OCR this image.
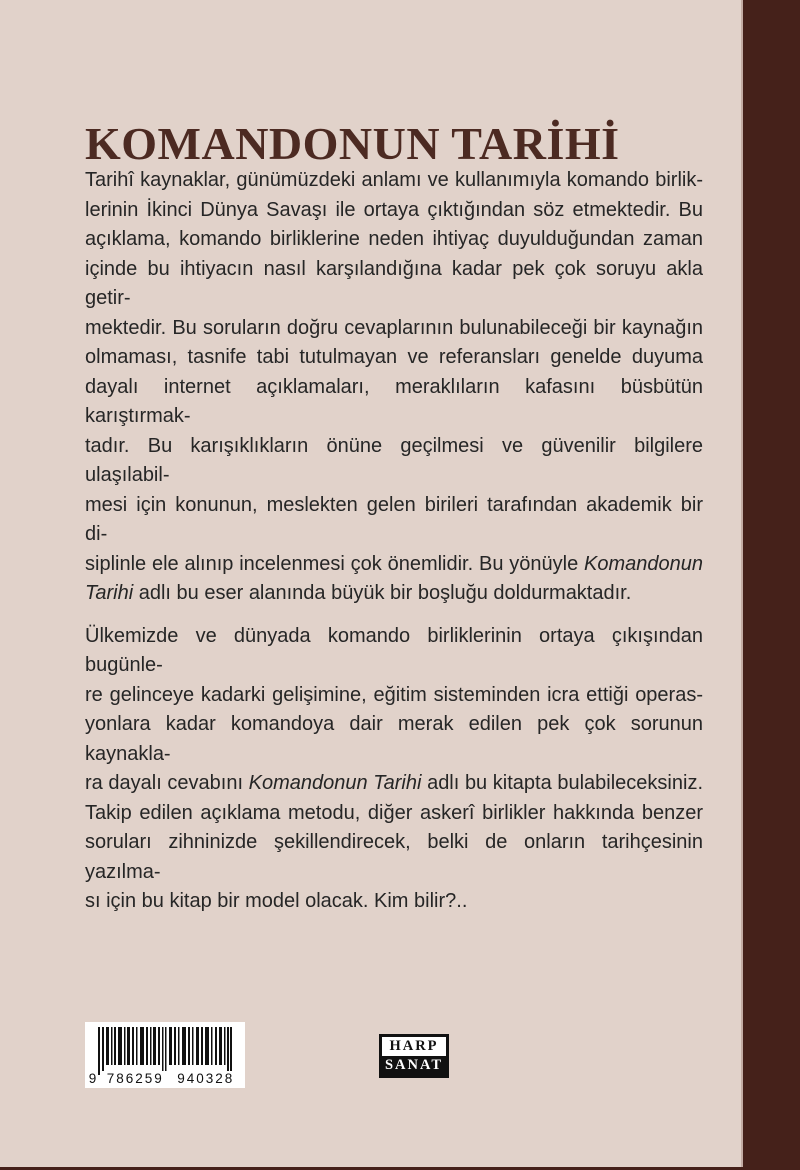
KOMANDONUN TARİHİ
Tarihî kaynaklar, günümüzdeki anlamı ve kullanımıyla komando birlik-
lerinin İkinci Dünya Savaşı ile ortaya çıktığından söz etmektedir. Bu
açıklama, komando birliklerine neden ihtiyaç duyulduğundan zaman
içinde bu ihtiyacın nasıl karşılandığına kadar pek çok soruyu akla getir-
mektedir. Bu soruların doğru cevaplarının bulunabileceği bir kaynağın
olmaması, tasnife tabi tutulmayan ve referansları genelde duyuma
dayalı internet açıklamaları, meraklıların kafasını büsbütün karıştırmak-
tadır. Bu karışıklıkların önüne geçilmesi ve güvenilir bilgilere ulaşılabil-
mesi için konunun, meslekten gelen birileri tarafından akademik bir di-
siplinle ele alınıp incelenmesi çok önemlidir. Bu yönüyle Komandonun
Tarihi adlı bu eser alanında büyük bir boşluğu doldurmaktadır.
Ülkemizde ve dünyada komando birliklerinin ortaya çıkışından bugünle-
re gelinceye kadarki gelişimine, eğitim sisteminden icra ettiği operas-
yonlara kadar komandoya dair merak edilen pek çok sorunun kaynakla-
ra dayalı cevabını Komandonun Tarihi adlı bu kitapta bulabileceksiniz.
Takip edilen açıklama metodu, diğer askerî birlikler hakkında benzer
soruları zihninizde şekillendirecek, belki de onların tarihçesinin yazılma-
sı için bu kitap bir model olacak. Kim bilir?..
9 786259 940328
HARP
SANAT
